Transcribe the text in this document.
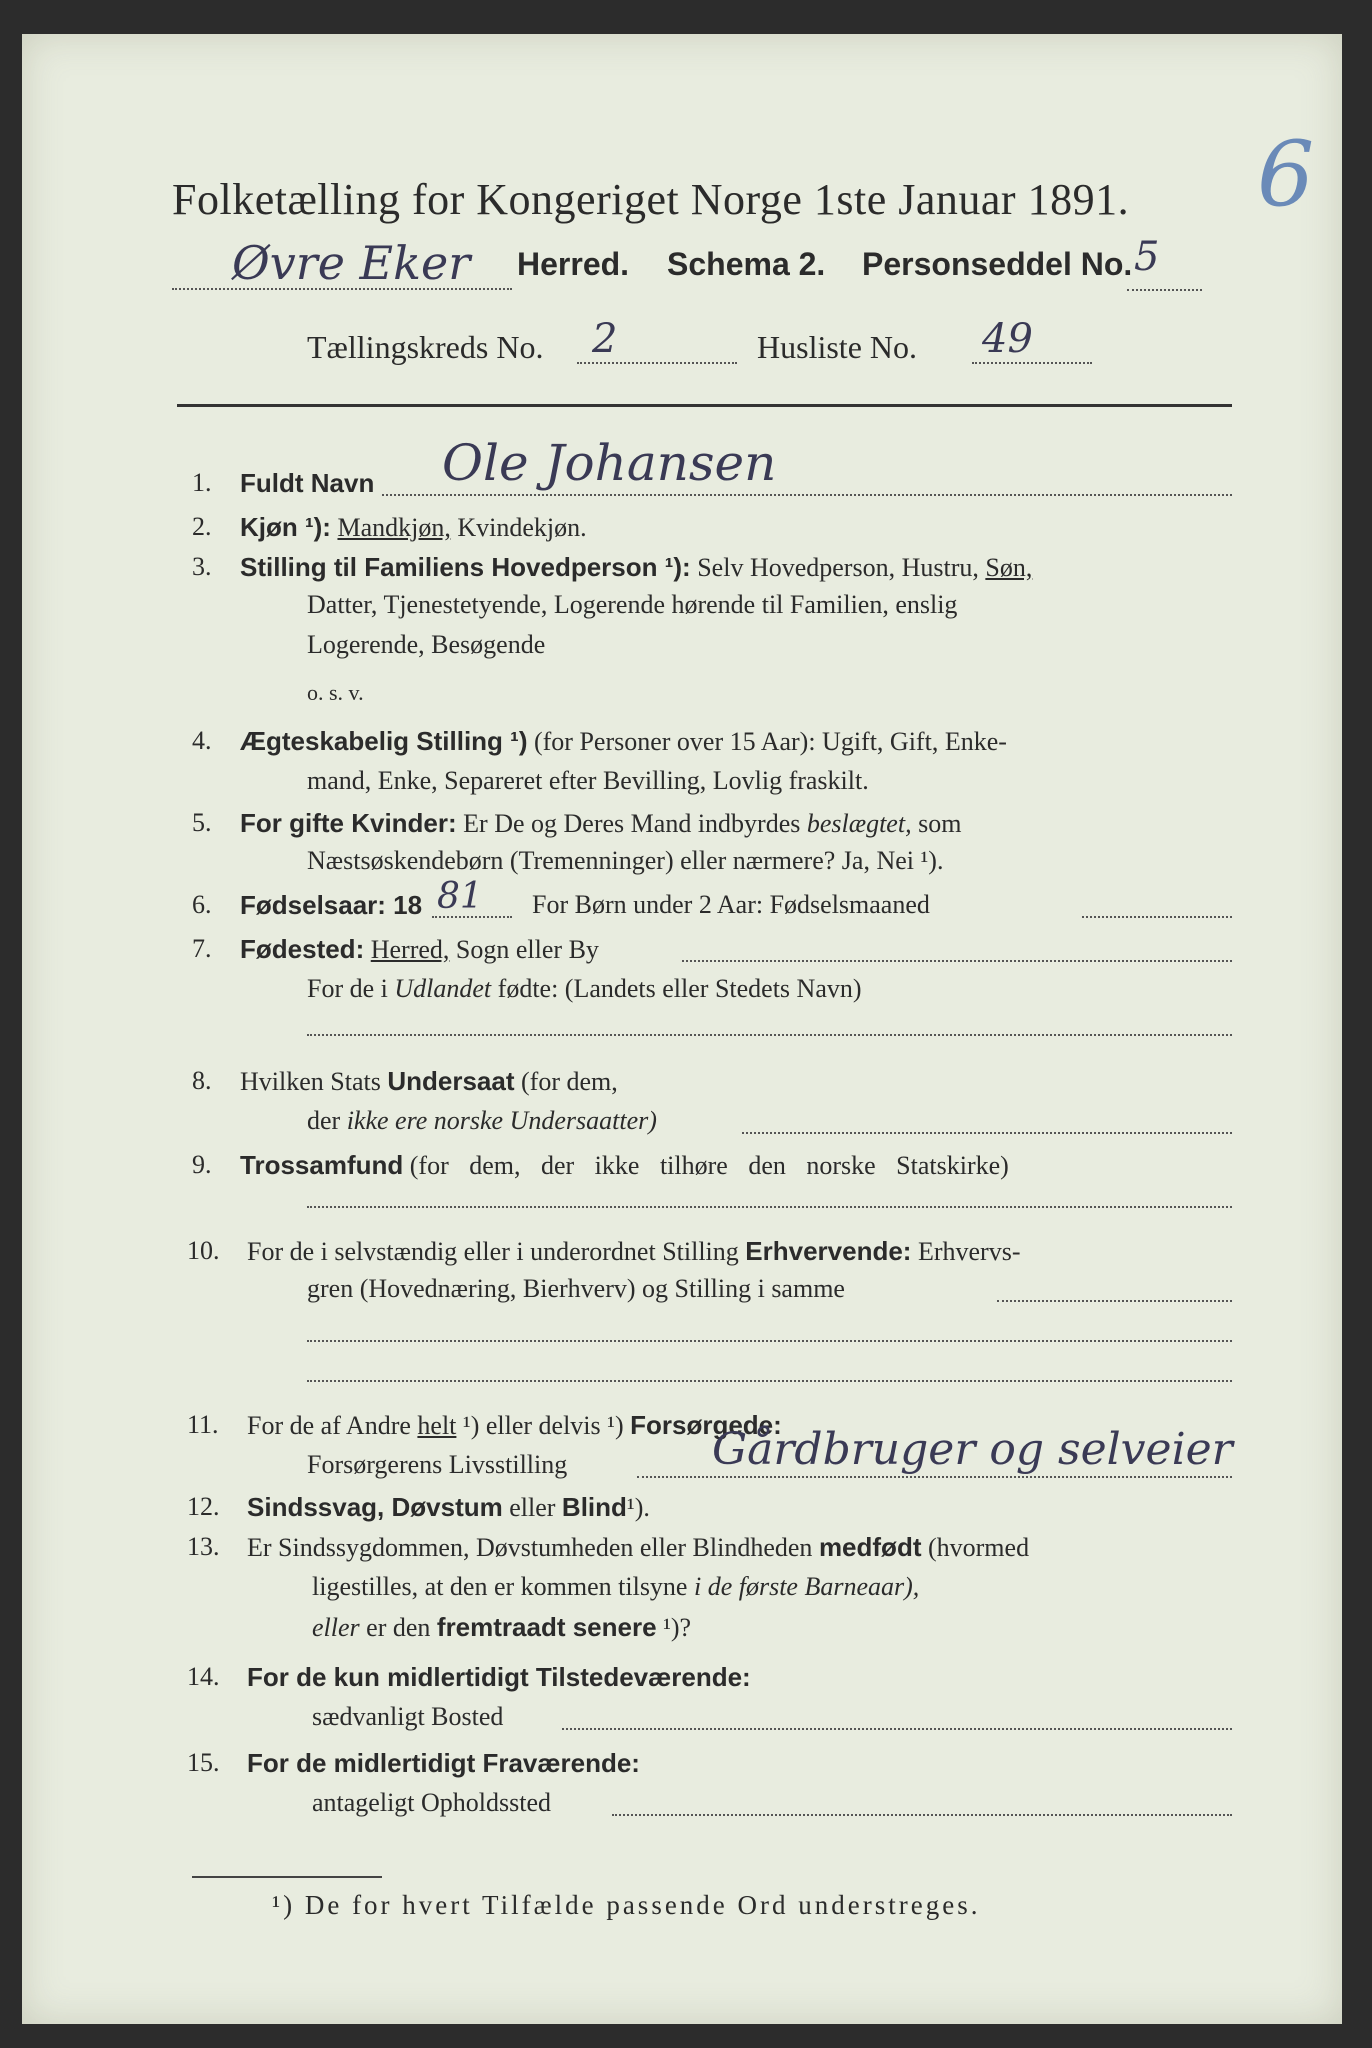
Folketælling for Kongeriget Norge 1ste Januar 1891. 6
Øvre Eker Herred. Schema 2. Personseddel No. 5
Tællingskreds No. 2	Husliste No. 49
1. Fuldt Navn Ole Johansen
2. Kjøn ¹): Mandkjøn, Kvindekjøn.
3. Stilling til Familiens Hovedperson ¹): Selv Hovedperson, Hustru, Søn,
Datter, Tjenestetyende, Logerende hørende til Familien, enslig
Logerende, Besøgende
o. s. v.
4. Ægteskabelig Stilling ¹) (for Personer over 15 Aar): Ugift, Gift, Enke-
mand, Enke, Separeret efter Bevilling, Lovlig fraskilt.
5. For gifte Kvinder: Er De og Deres Mand indbyrdes beslægtet, som
Næstsøskendebørn (Tremenninger) eller nærmere? Ja, Nei ¹).
6. Fødselsaar: 18 81 For Børn under 2 Aar: Fødselsmaaned
7. Fødested: Herred, Sogn eller By
For de i Udlandet fødte: (Landets eller Stedets Navn)
8. Hvilken Stats Undersaat (for dem,
der ikke ere norske Undersaatter)
9. Trossamfund (for dem, der ikke tilhøre den norske Statskirke)
10. For de i selvstændig eller i underordnet Stilling Erhvervende: Erhvervs-
gren (Hovednæring, Bierhverv) og Stilling i samme
11. For de af Andre helt ¹) eller delvis ¹) Forsørgede:
Forsørgerens Livsstilling	Gårdbruger og selveier
12. Sindssvag, Døvstum eller Blind¹).
13. Er Sindssygdommen, Døvstumheden eller Blindheden medfødt (hvormed
ligestilles, at den er kommen tilsyne i de første Barneaar),
eller er den fremtraadt senere ¹)?
14. For de kun midlertidigt Tilstedeværende:
sædvanligt Bosted
15. For de midlertidigt Fraværende:
antageligt Opholdssted
¹) De for hvert Tilfælde passende Ord understreges.
